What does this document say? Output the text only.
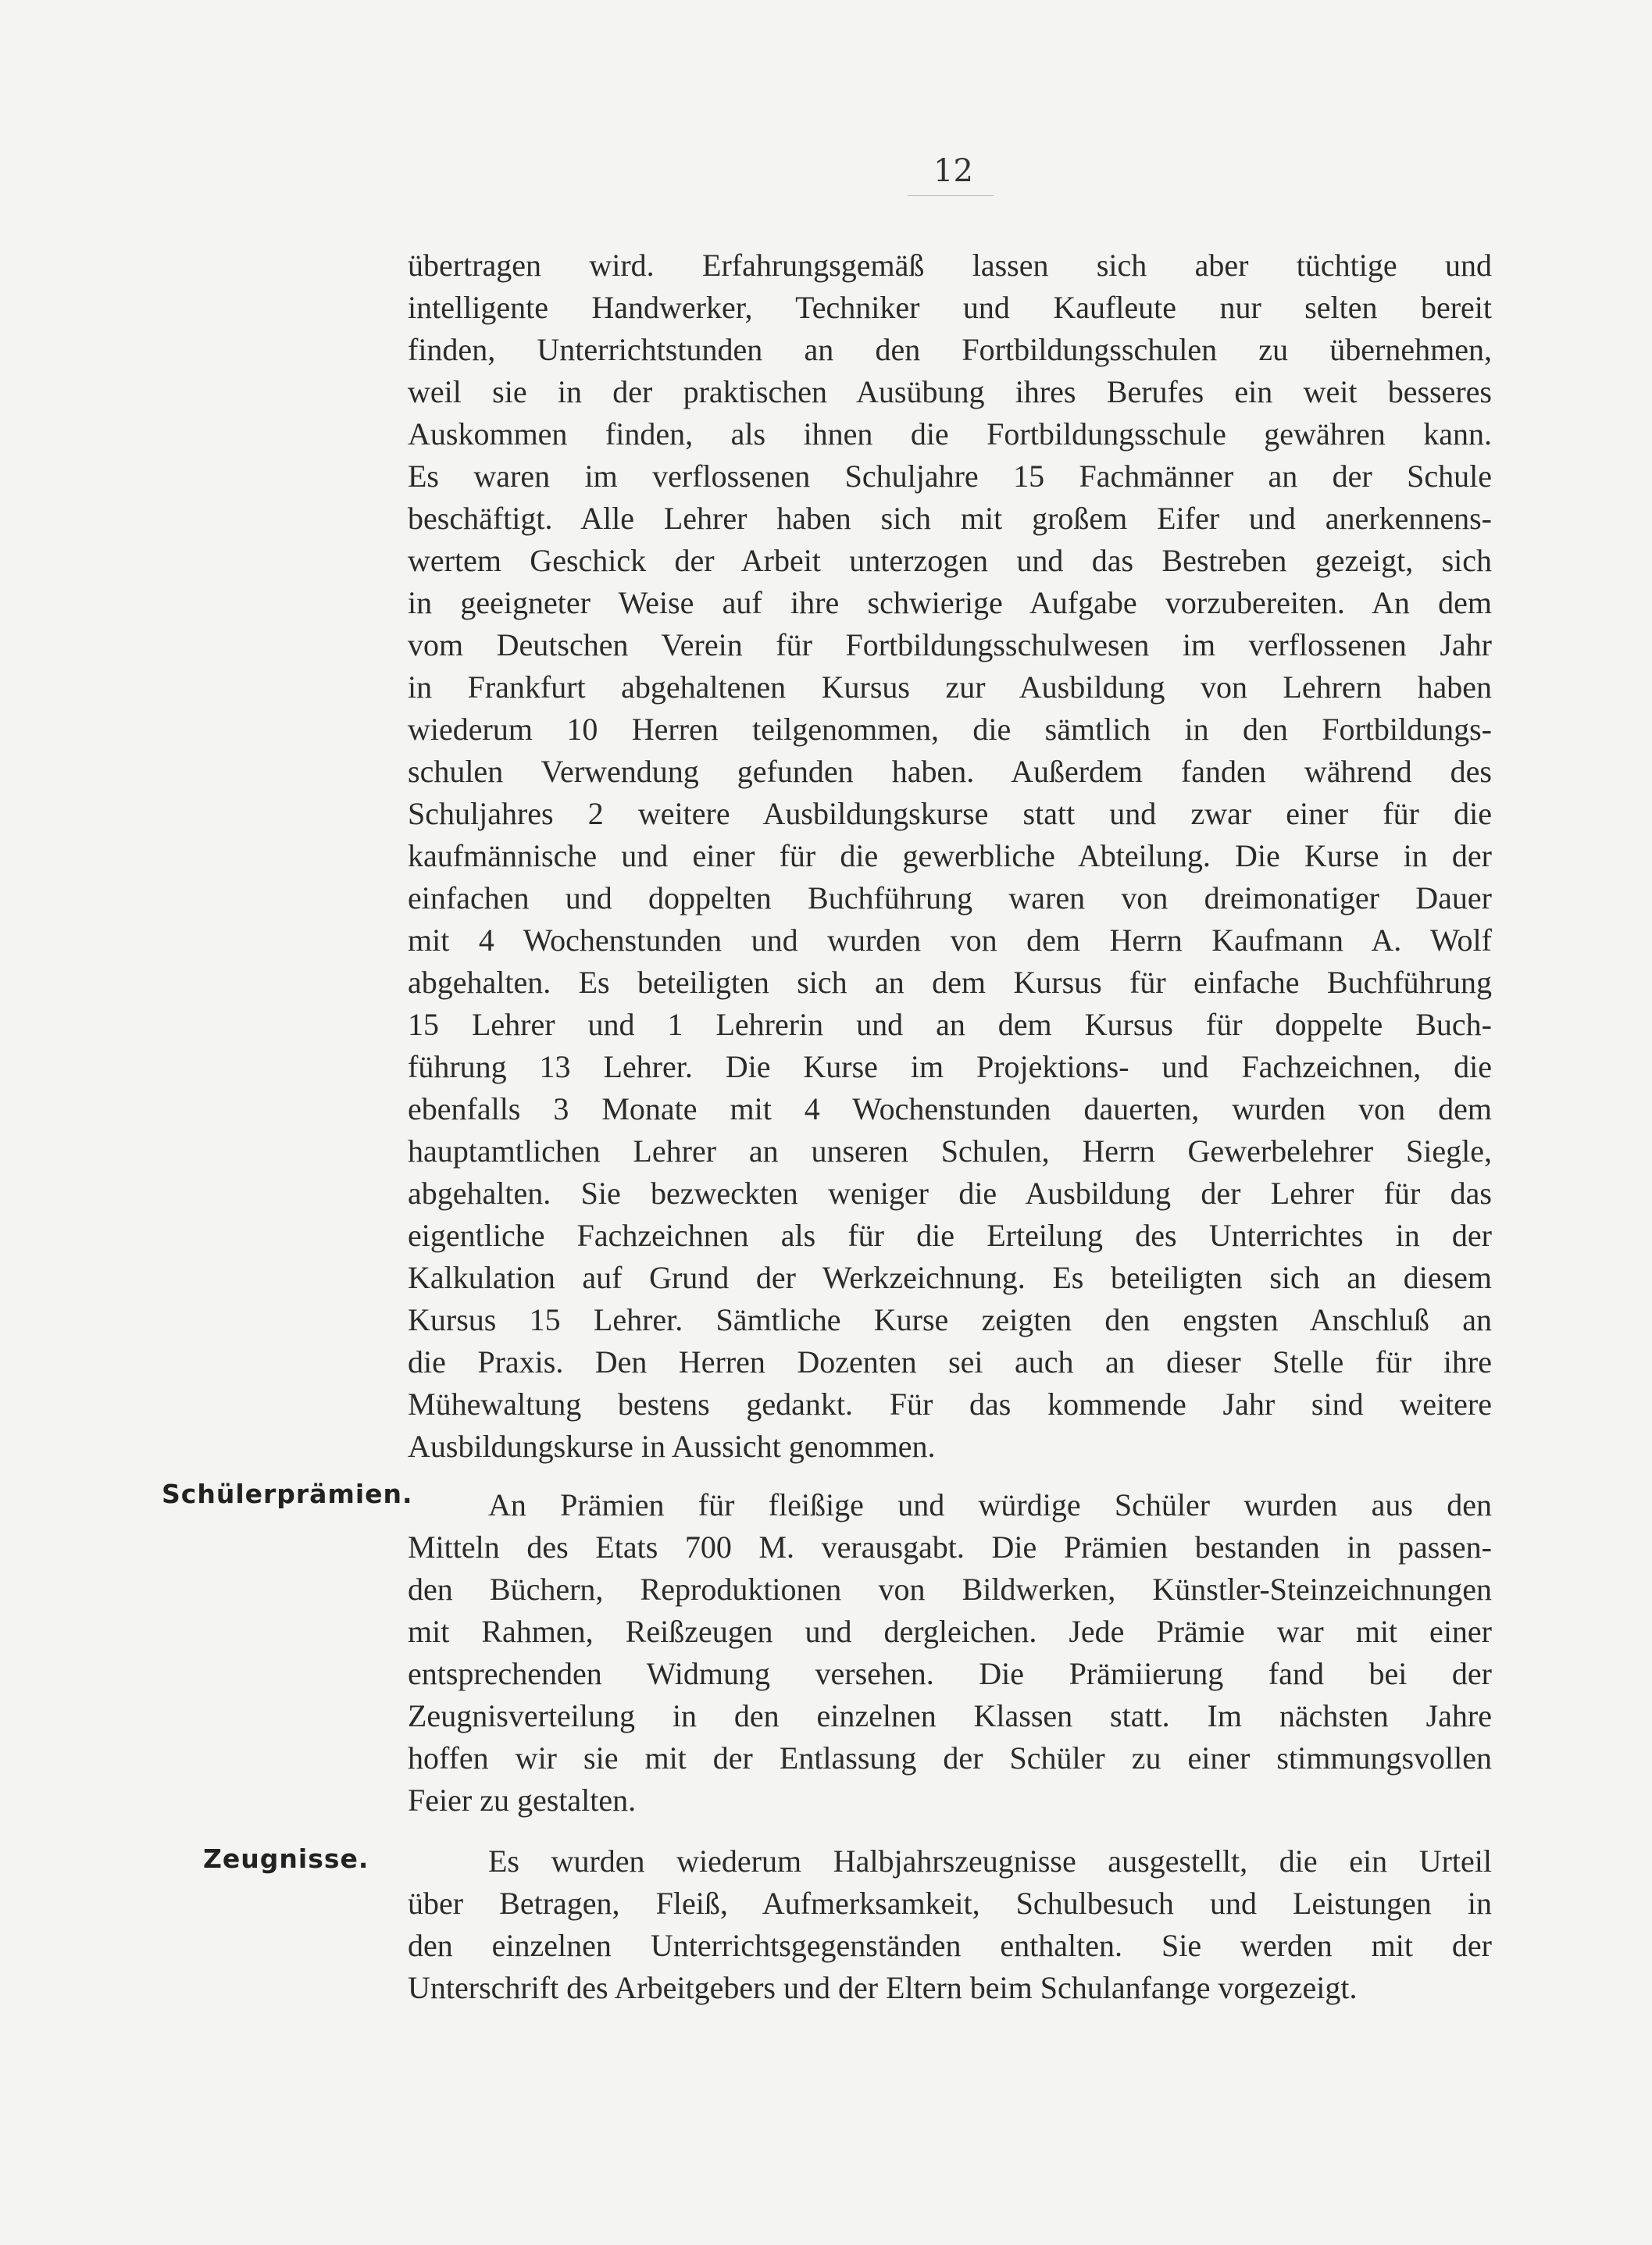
12
übertragen wird. Erfahrungsgemäß lassen sich aber tüchtige und
intelligente Handwerker, Techniker und Kaufleute nur selten bereit
finden, Unterrichtstunden an den Fortbildungsschulen zu übernehmen,
weil sie in der praktischen Ausübung ihres Berufes ein weit besseres
Auskommen finden, als ihnen die Fortbildungsschule gewähren kann.
Es waren im verflossenen Schuljahre 15 Fachmänner an der Schule
beschäftigt. Alle Lehrer haben sich mit großem Eifer und anerkennens-
wertem Geschick der Arbeit unterzogen und das Bestreben gezeigt, sich
in geeigneter Weise auf ihre schwierige Aufgabe vorzubereiten. An dem
vom Deutschen Verein für Fortbildungsschulwesen im verflossenen Jahr
in Frankfurt abgehaltenen Kursus zur Ausbildung von Lehrern haben
wiederum 10 Herren teilgenommen, die sämtlich in den Fortbildungs-
schulen Verwendung gefunden haben. Außerdem fanden während des
Schuljahres 2 weitere Ausbildungskurse statt und zwar einer für die
kaufmännische und einer für die gewerbliche Abteilung. Die Kurse in der
einfachen und doppelten Buchführung waren von dreimonatiger Dauer
mit 4 Wochenstunden und wurden von dem Herrn Kaufmann A. Wolf
abgehalten. Es beteiligten sich an dem Kursus für einfache Buchführung
15 Lehrer und 1 Lehrerin und an dem Kursus für doppelte Buch-
führung 13 Lehrer. Die Kurse im Projektions- und Fachzeichnen, die
ebenfalls 3 Monate mit 4 Wochenstunden dauerten, wurden von dem
hauptamtlichen Lehrer an unseren Schulen, Herrn Gewerbelehrer Siegle,
abgehalten. Sie bezweckten weniger die Ausbildung der Lehrer für das
eigentliche Fachzeichnen als für die Erteilung des Unterrichtes in der
Kalkulation auf Grund der Werkzeichnung. Es beteiligten sich an diesem
Kursus 15 Lehrer. Sämtliche Kurse zeigten den engsten Anschluß an
die Praxis. Den Herren Dozenten sei auch an dieser Stelle für ihre
Mühewaltung bestens gedankt. Für das kommende Jahr sind weitere
Ausbildungskurse in Aussicht genommen.
Schülerprämien. An Prämien für fleißige und würdige Schüler wurden aus den
Mitteln des Etats 700 M. verausgabt. Die Prämien bestanden in passen-
den Büchern, Reproduktionen von Bildwerken, Künstler-Steinzeichnungen
mit Rahmen, Reißzeugen und dergleichen. Jede Prämie war mit einer
entsprechenden Widmung versehen. Die Prämiierung fand bei der
Zeugnisverteilung in den einzelnen Klassen statt. Im nächsten Jahre
hoffen wir sie mit der Entlassung der Schüler zu einer stimmungsvollen
Feier zu gestalten.
Zeugnisse.	Es wurden wiederum Halbjahrszeugnisse ausgestellt, die ein Urteil
über Betragen, Fleiß, Aufmerksamkeit, Schulbesuch und Leistungen in
den einzelnen Unterrichtsgegenständen enthalten. Sie werden mit der
Unterschrift des Arbeitgebers und der Eltern beim Schulanfange vorgezeigt.
